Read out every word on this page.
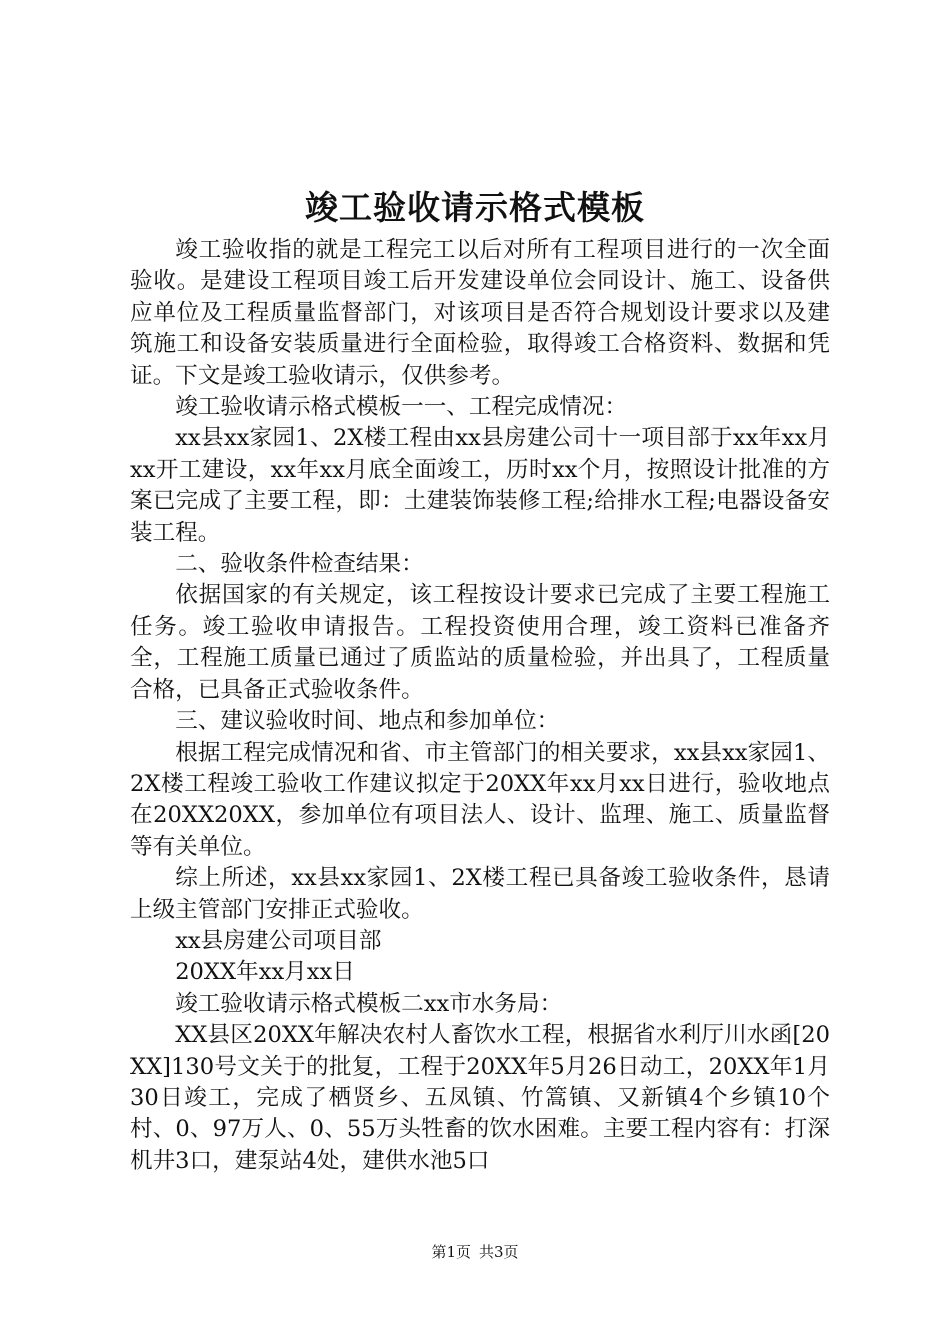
竣工验收请示格式模板

竣工验收指的就是工程完工以后对所有工程项目进行的一次全面验收。是建设工程项目竣工后开发建设单位会同设计、施工、设备供应单位及工程质量监督部门，对该项目是否符合规划设计要求以及建筑施工和设备安装质量进行全面检验，取得竣工合格资料、数据和凭证。下文是竣工验收请示，仅供参考。

竣工验收请示格式模板一一、工程完成情况：

xx县xx家园1、2X楼工程由xx县房建公司十一项目部于xx年xx月xx开工建设，xx年xx月底全面竣工，历时xx个月，按照设计批准的方案已完成了主要工程，即：土建装饰装修工程;给排水工程;电器设备安装工程。

二、验收条件检查结果：

依据国家的有关规定，该工程按设计要求已完成了主要工程施工任务。竣工验收申请报告。工程投资使用合理，竣工资料已准备齐全，工程施工质量已通过了质监站的质量检验，并出具了，工程质量合格，已具备正式验收条件。

三、建议验收时间、地点和参加单位：

根据工程完成情况和省、市主管部门的相关要求，xx县xx家园1、2X楼工程竣工验收工作建议拟定于20XX年xx月xx日进行，验收地点在20XX20XX，参加单位有项目法人、设计、监理、施工、质量监督等有关单位。

综上所述，xx县xx家园1、2X楼工程已具备竣工验收条件，恳请上级主管部门安排正式验收。

xx县房建公司项目部

20XX年xx月xx日

竣工验收请示格式模板二xx市水务局：

XX县区20XX年解决农村人畜饮水工程，根据省水利厅川水函[20XX]130号文关于的批复，工程于20XX年5月26日动工，20XX年1月30日竣工，完成了栖贤乡、五凤镇、竹篙镇、又新镇4个乡镇10个村、0、97万人、0、55万头牲畜的饮水困难。主要工程内容有：打深机井3口，建泵站4处，建供水池5口

第1页 共3页
